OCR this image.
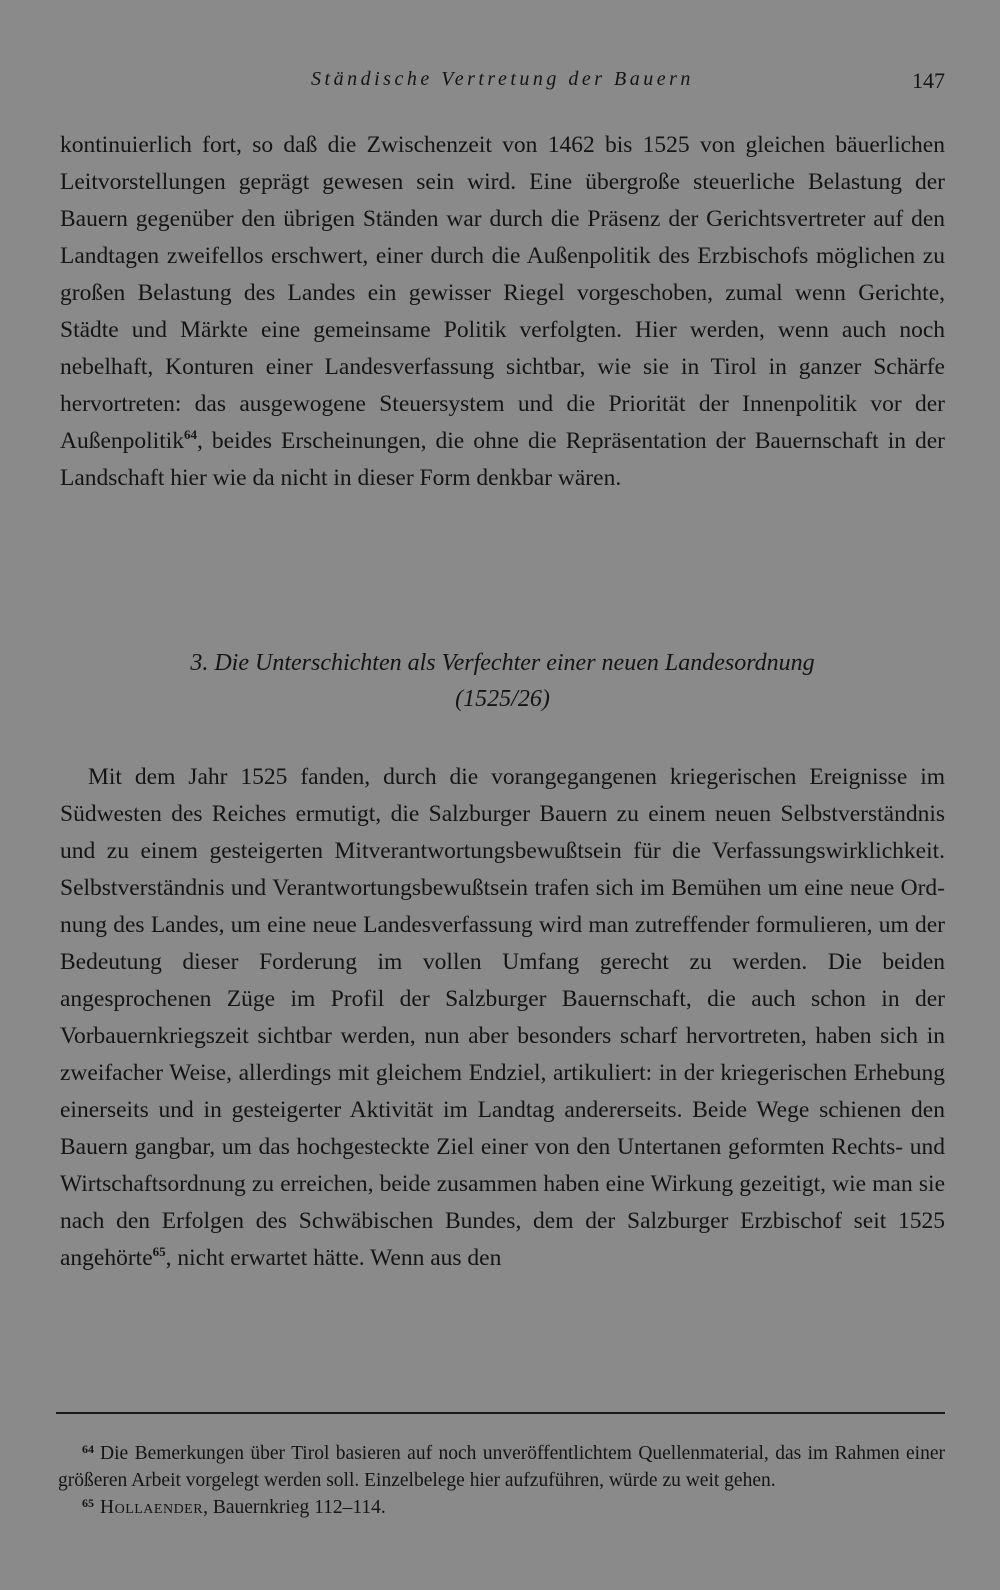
Ständische Vertretung der Bauern	147

kontinuierlich fort, so daß die Zwischenzeit von 1462 bis 1525 von gleichen bäuerlichen Leitvorstellungen geprägt gewesen sein wird. Eine übergroße steuerliche Belastung der Bauern gegenüber den übrigen Ständen war durch die Präsenz der Gerichtsvertreter auf den Landtagen zweifellos erschwert, einer durch die Außenpolitik des Erzbischofs möglichen zu großen Belastung des Landes ein gewisser Riegel vorgeschoben, zumal wenn Gerichte, Städte und Märkte eine gemeinsame Politik verfolgten. Hier werden, wenn auch noch nebelhaft, Konturen einer Landesverfassung sichtbar, wie sie in Tirol in ganzer Schärfe hervortreten: das ausgewogene Steuersystem und die Priorität der Innenpolitik vor der Außenpolitik$^{64}$, beides Erscheinungen, die ohne die Repräsentation der Bauernschaft in der Landschaft hier wie da nicht in dieser Form denkbar wären.

3. Die Unterschichten als Verfechter einer neuen Landesordnung
(1525/26)

Mit dem Jahr 1525 fanden, durch die vorangegangenen kriegerischen Ereignisse im Südwesten des Reiches ermutigt, die Salzburger Bauern zu einem neuen Selbstverständnis und zu einem gesteigerten Mitverantwortungsbewußtsein für die Verfassungswirklichkeit. Selbstverständnis und Verantwortungsbewußtsein trafen sich im Bemühen um eine neue Ordnung des Landes, um eine neue Landesverfassung wird man zutreffender formulieren, um der Bedeutung dieser Forderung im vollen Umfang gerecht zu werden. Die beiden angesprochenen Züge im Profil der Salzburger Bauernschaft, die auch schon in der Vorbauernkriegszeit sichtbar werden, nun aber besonders scharf hervortreten, haben sich in zweifacher Weise, allerdings mit gleichem Endziel, artikuliert: in der kriegerischen Erhebung einerseits und in gesteigerter Aktivität im Landtag andererseits. Beide Wege schienen den Bauern gangbar, um das hochgesteckte Ziel einer von den Untertanen geformten Rechts- und Wirtschaftsordnung zu erreichen, beide zusammen haben eine Wirkung gezeitigt, wie man sie nach den Erfolgen des Schwäbischen Bundes, dem der Salzburger Erzbischof seit 1525 angehörte$^{65}$, nicht erwartet hätte. Wenn aus den

$^{64}$ Die Bemerkungen über Tirol basieren auf noch unveröffentlichtem Quellenmaterial, das im Rahmen einer größeren Arbeit vorgelegt werden soll. Einzelbelege hier aufzuführen, würde zu weit gehen.

$^{65}$ Hollaender, Bauernkrieg 112–114.
